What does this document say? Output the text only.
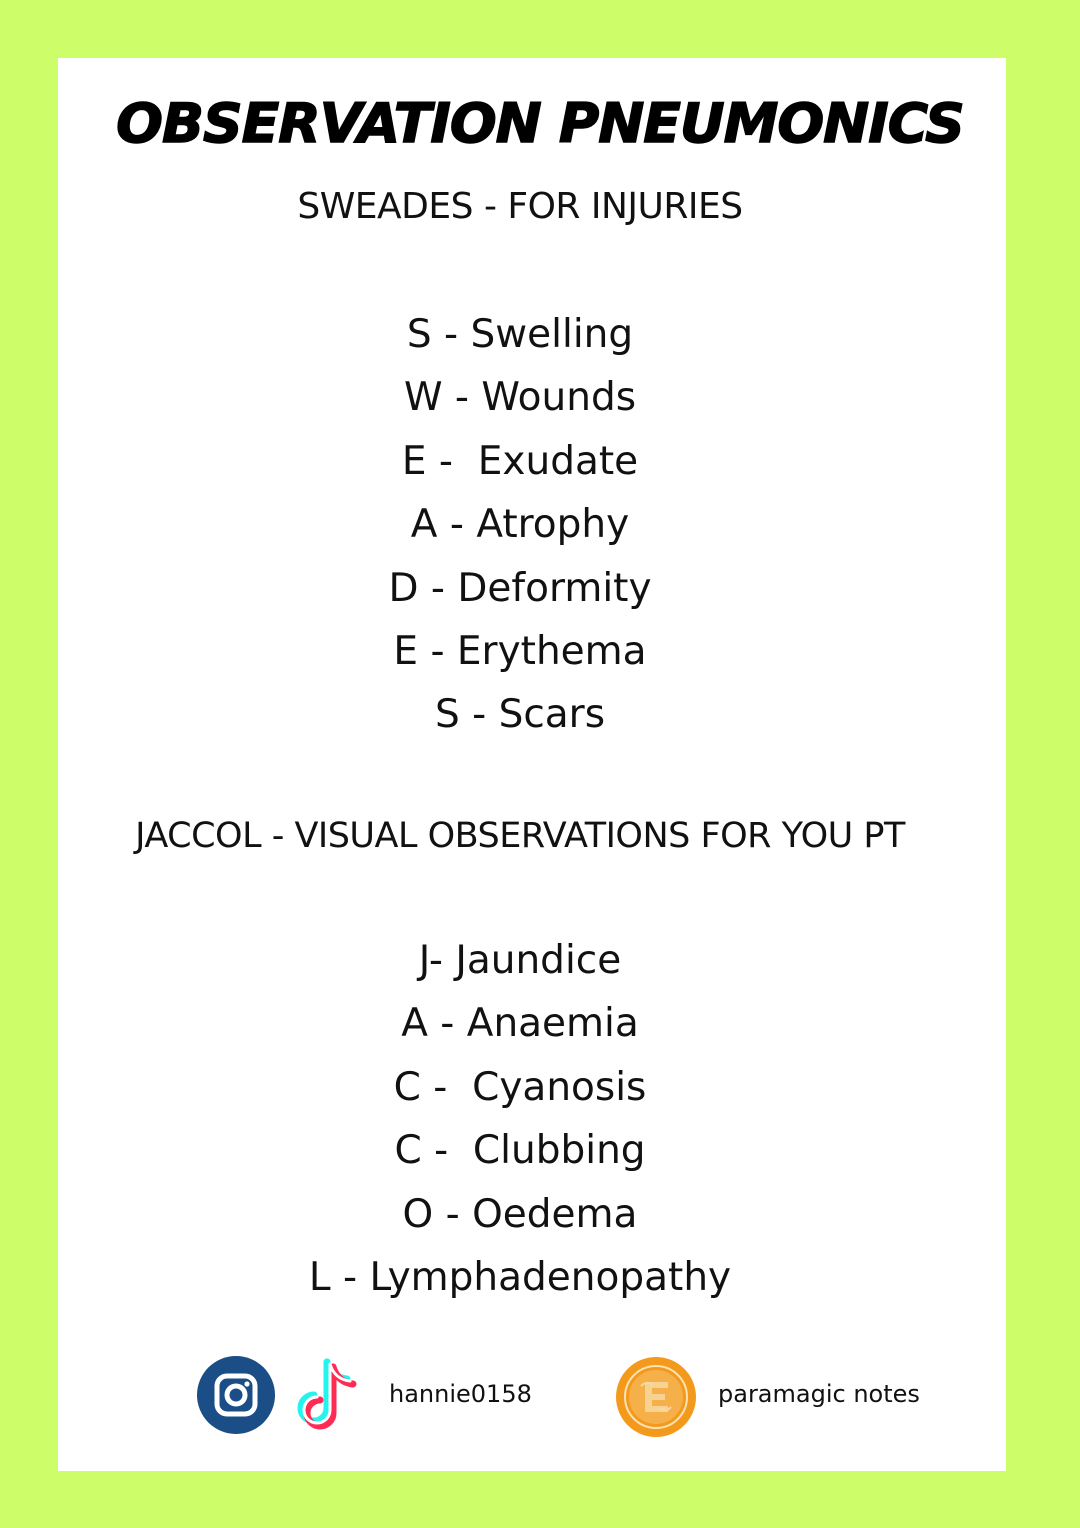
OBSERVATION PNEUMONICS
SWEADES - FOR INJURIES
S - Swelling
W - Wounds
E -  Exudate
A - Atrophy
D - Deformity
E - Erythema
S - Scars
JACCOL - VISUAL OBSERVATIONS FOR YOU PT
J- Jaundice
A - Anaemia
C -  Cyanosis
C -  Clubbing
O - Oedema
L - Lymphadenopathy
hannie0158	paramagic notes
